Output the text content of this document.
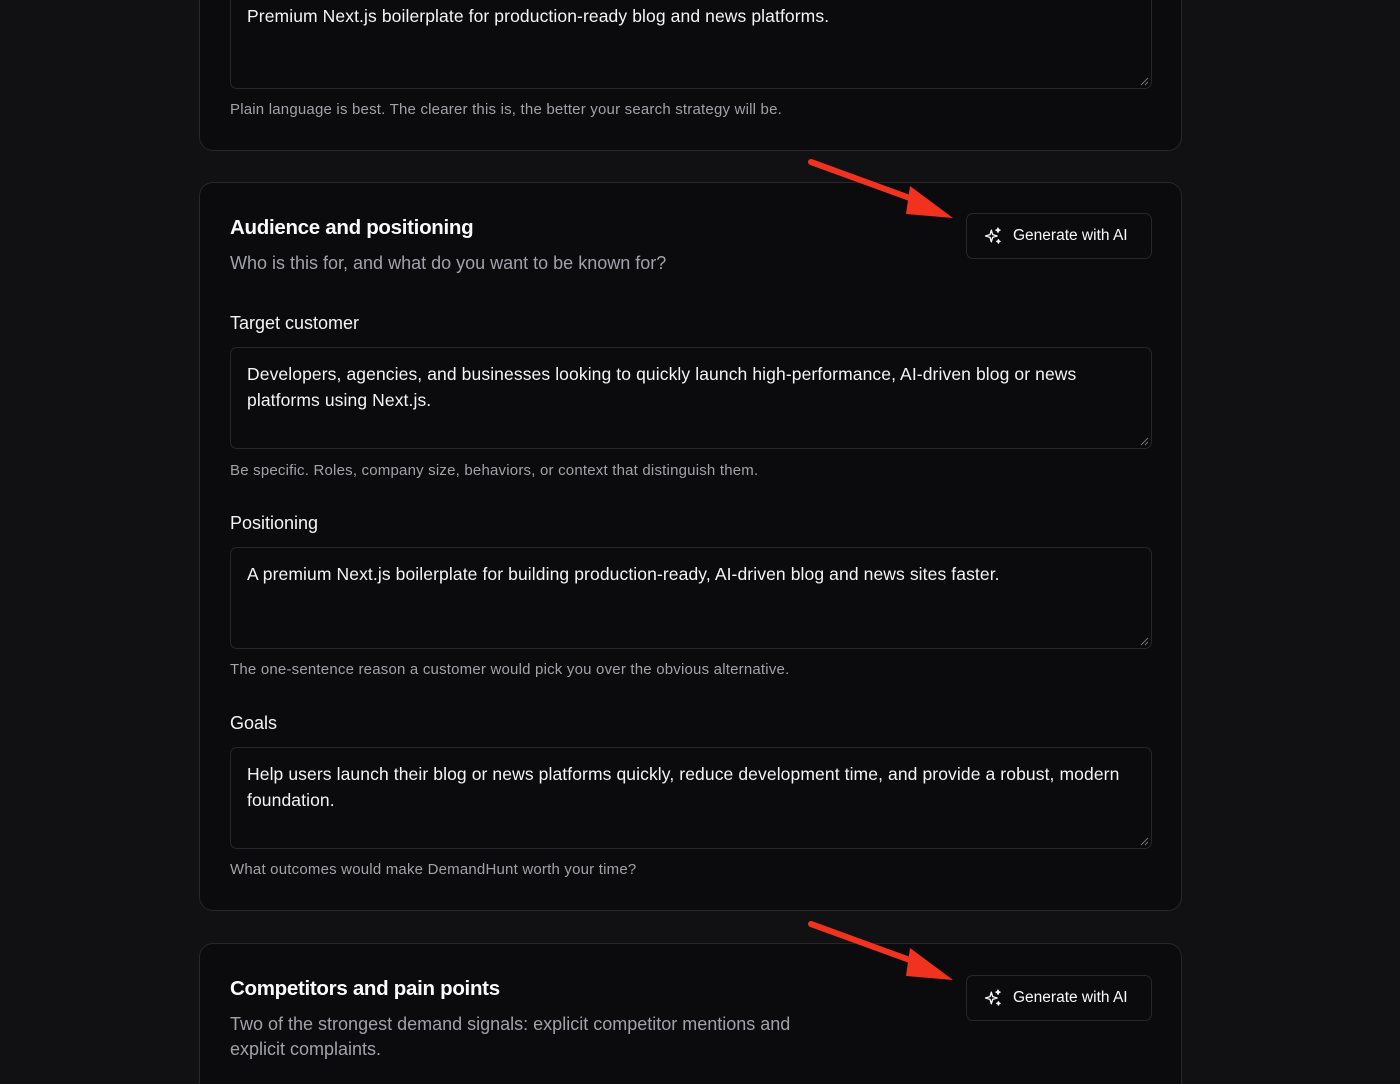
Premium Next.js boilerplate for production-ready blog and news platforms.
Plain language is best. The clearer this is, the better your search strategy will be.
Audience and positioning
Who is this for, and what do you want to be known for?
Generate with AI
Target customer
Developers, agencies, and businesses looking to quickly launch high-performance, AI-driven blog or news platforms using Next.js.
Be specific. Roles, company size, behaviors, or context that distinguish them.
Positioning
A premium Next.js boilerplate for building production-ready, AI-driven blog and news sites faster.
The one-sentence reason a customer would pick you over the obvious alternative.
Goals
Help users launch their blog or news platforms quickly, reduce development time, and provide a robust, modern foundation.
What outcomes would make DemandHunt worth your time?
Competitors and pain points
Two of the strongest demand signals: explicit competitor mentions and explicit complaints.
Generate with AI
